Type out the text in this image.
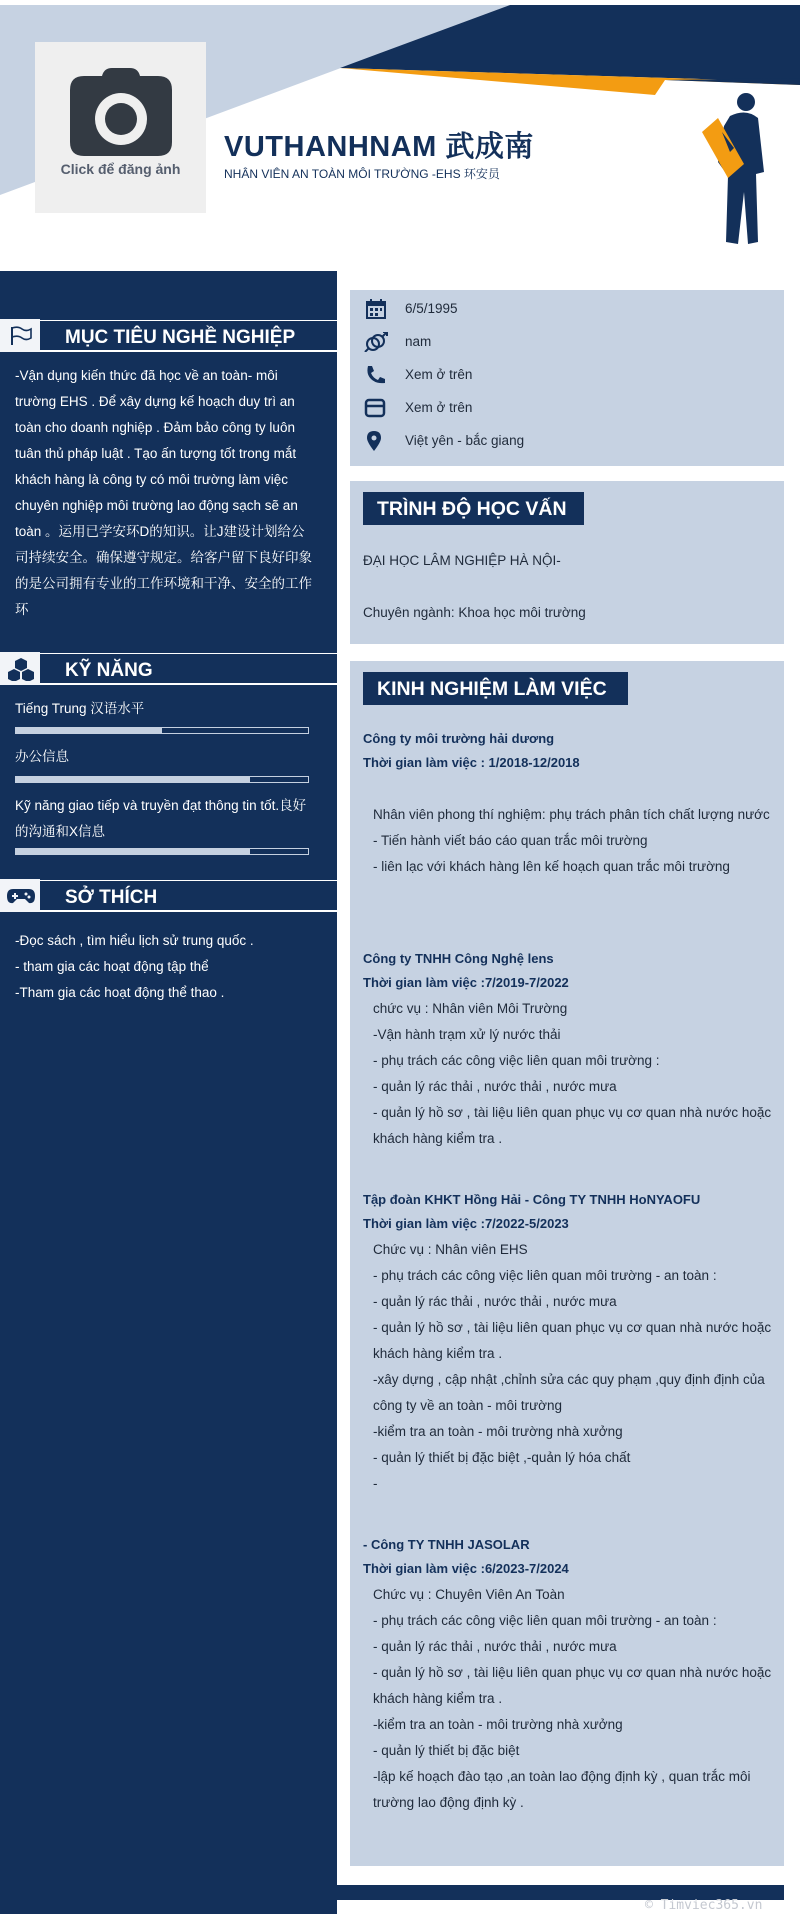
Click để đăng ảnh
VUTHANHNAM 武成南
NHÂN VIÊN AN TOÀN MÔI TRƯỜNG -EHS 环安员
MỤC TIÊU NGHỀ NGHIỆP
-Vận dụng kiến thức đã học về an toàn- môi trường EHS . Để xây dựng kế hoạch duy trì an toàn cho doanh nghiệp . Đảm bảo công ty luôn tuân thủ pháp luật . Tạo ấn tượng tốt trong mắt khách hàng là công ty có môi trường làm việc chuyên nghiệp môi trường lao động sạch sẽ an toàn 。运用已学安环D的知识。让J建设计划给公司持续安全。确保遵守规定。给客户留下良好印象的是公司拥有专业的工作环境和干净、安全的工作环
KỸ NĂNG
Tiếng Trung 汉语水平
办公信息
Kỹ năng giao tiếp và truyền đạt thông tin tốt.良好的沟通和X信息
SỞ THÍCH
-Đọc sách , tìm hiểu lịch sử trung quốc .
- tham gia các hoạt động tập thể
-Tham gia các hoạt động thể thao .
6/5/1995
nam
Xem ở trên
Xem ở trên
Việt yên - bắc giang
TRÌNH ĐỘ HỌC VẤN
ĐẠI HỌC LÂM NGHIỆP HÀ NỘI-
Chuyên ngành: Khoa học môi trường
KINH NGHIỆM LÀM VIỆC
Công ty môi trường hải dương
Thời gian làm việc : 1/2018-12/2018
Nhân viên phong thí nghiệm: phụ trách phân tích chất lượng nước
- Tiến hành viết báo cáo quan trắc môi trường
- liên lạc với khách hàng lên kế hoạch quan trắc môi trường
Công ty TNHH Công Nghệ lens
Thời gian làm việc :7/2019-7/2022
chức vụ : Nhân viên Môi Trường
-Vận hành trạm xử lý nước thải
- phụ trách các công việc liên quan môi trường :
- quản lý rác thải , nước thải , nước mưa
- quản lý hồ sơ , tài liệu liên quan phục vụ cơ quan nhà nước hoặc khách hàng kiểm tra .
Tập đoàn KHKT Hồng Hải - Công TY TNHH HoNYAOFU
Thời gian làm việc :7/2022-5/2023
Chức vụ : Nhân viên EHS
- phụ trách các công việc liên quan môi trường - an toàn :
- quản lý rác thải , nước thải , nước mưa
- quản lý hồ sơ , tài liệu liên quan phục vụ cơ quan nhà nước hoặc khách hàng kiểm tra .
-xây dựng , cập nhật ,chỉnh sửa các quy phạm ,quy định định của công ty về an toàn - môi trường
-kiểm tra an toàn - môi trường nhà xưởng
- quản lý thiết bị đặc biệt ,-quản lý hóa chất
-
- Công TY TNHH JASOLAR
Thời gian làm việc :6/2023-7/2024
Chức vụ : Chuyên Viên An Toàn
- phụ trách các công việc liên quan môi trường - an toàn :
- quản lý rác thải , nước thải , nước mưa
- quản lý hồ sơ , tài liệu liên quan phục vụ cơ quan nhà nước hoặc khách hàng kiểm tra .
-kiểm tra an toàn - môi trường nhà xưởng
- quản lý thiết bị đặc biệt
-lập kế hoạch đào tạo ,an toàn lao động định kỳ , quan trắc môi trường lao động định kỳ .
© Timviec365.vn
